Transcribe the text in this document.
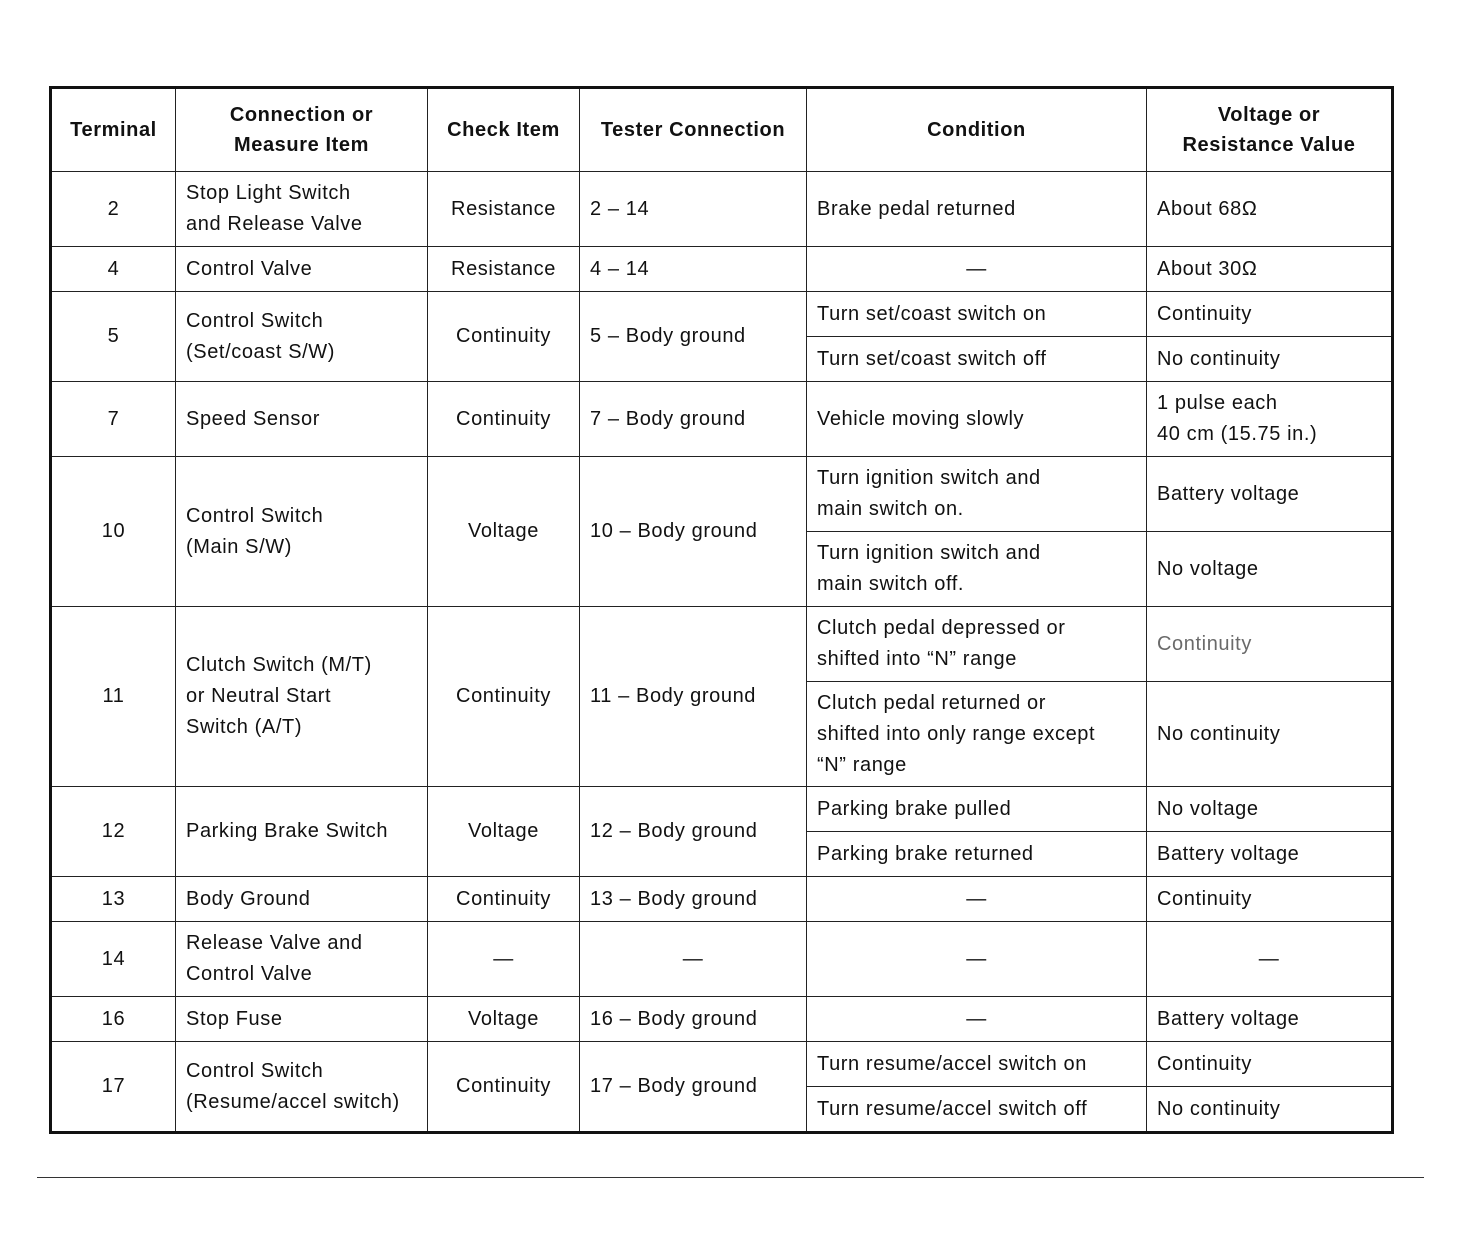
Terminal	Connection or
Measure Item	Check Item	Tester Connection	Condition	Voltage or
Resistance Value
2	Stop Light Switch
and Release Valve	Resistance	2 – 14	Brake pedal returned	About 68Ω
4	Control Valve	Resistance	4 – 14	—	About 30Ω
5	Control Switch
(Set/coast S/W)	Continuity	5 – Body ground	Turn set/coast switch on	Continuity
				Turn set/coast switch off	No continuity
7	Speed Sensor	Continuity	7 – Body ground	Vehicle moving slowly	1 pulse each
40 cm (15.75 in.)
10	Control Switch
(Main S/W)	Voltage	10 – Body ground	Turn ignition switch and
main switch on.	Battery voltage
				Turn ignition switch and
main switch off.	No voltage
11	Clutch Switch (M/T)
or Neutral Start
Switch (A/T)	Continuity	11 – Body ground	Clutch pedal depressed or
shifted into “N” range	Continuity
				Clutch pedal returned or
shifted into only range except
“N” range	No continuity
12	Parking Brake Switch	Voltage	12 – Body ground	Parking brake pulled	No voltage
				Parking brake returned	Battery voltage
13	Body Ground	Continuity	13 – Body ground	—	Continuity
14	Release Valve and
Control Valve	—	—	—	—
16	Stop Fuse	Voltage	16 – Body ground	—	Battery voltage
17	Control Switch
(Resume/accel switch)	Continuity	17 – Body ground	Turn resume/accel switch on	Continuity
				Turn resume/accel switch off	No continuity
